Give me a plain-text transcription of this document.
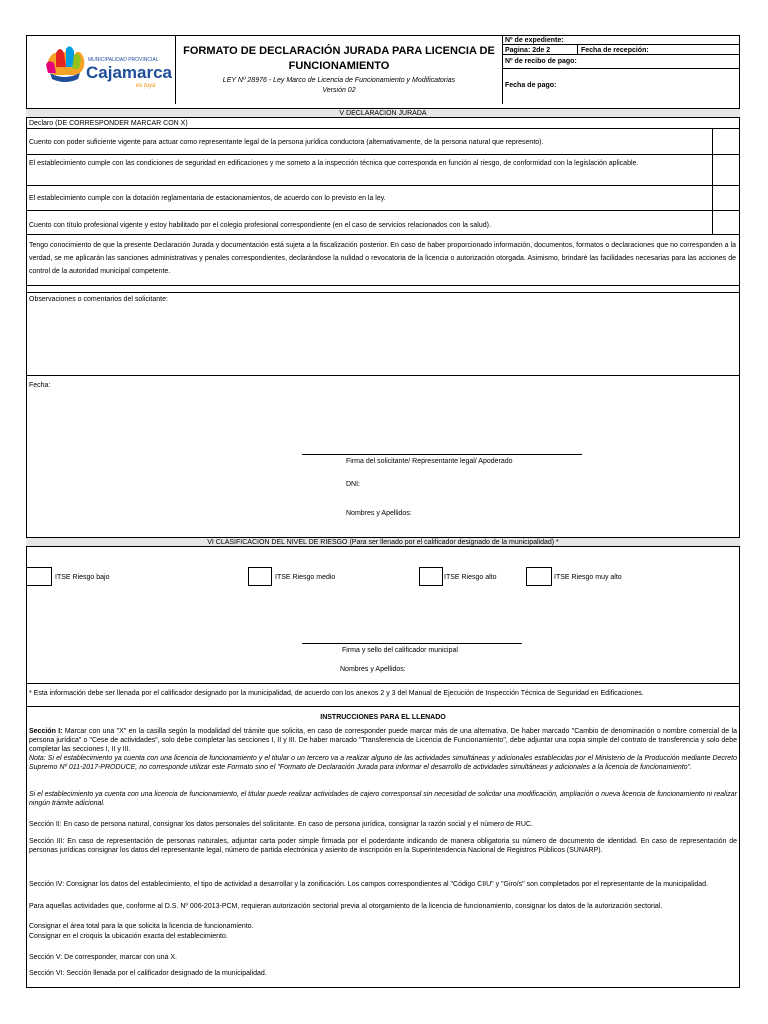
MUNICIPALIDAD PROVINCIAL
Cajamarca
es tuya
FORMATO DE DECLARACIÓN JURADA PARA LICENCIA DE
FUNCIONAMIENTO
LEY Nº 28976 - Ley Marco de Licencia de Funcionamiento y Modificatorias
Versión 02
Nº de expediente:
Pagina: 2de 2	Fecha de recepción:
Nº de recibo de pago:
Fecha de pago:
V DECLARACIÓN JURADA
Declaro (DE CORRESPONDER MARCAR CON X)
Cuento con poder suficiente vigente para actuar como representante legal de la persona jurídica conductora (alternativamente, de la persona natural que represento).
El establecimiento cumple con las condiciones de seguridad en edificaciones y me someto a la inspección técnica que corresponda en función al riesgo, de conformidad con la legislación aplicable.
El establecimiento cumple con la dotación reglamentaria de estacionamientos, de acuerdo con lo previsto en la ley.
Cuento con título profesional vigente y estoy habilitado por el colegio profesional correspondiente (en el caso de servicios relacionados con la salud).
Tengo conocimiento de que la presente Declaración Jurada y documentación está sujeta a la fiscalización posterior. En caso de haber proporcionado información, documentos, formatos o declaraciones que no corresponden a la verdad, se me aplicarán las sanciones administrativas y penales correspondientes, declarándose la nulidad o revocatoria de la licencia o autorización otorgada. Asimismo, brindaré las facilidades necesarias para las acciones de control de la autoridad municipal competente.
Observaciones o comentarios del solicitante:
Fecha:
Firma del solicitante/ Representante legal/ Apoderado
DNI:
Nombres y Apellidos:
VI CLASIFICACIÓN DEL NIVEL DE RIESGO (Para ser llenado por el calificador designado de la municipalidad) *
ITSE Riesgo bajo	ITSE Riesgo medio	ITSE Riesgo alto	ITSE Riesgo muy alto
Firma y sello del calificador municipal
Nombres y Apellidos:
* Esta información debe ser llenada por el calificador designado por la municipalidad, de acuerdo con los anexos 2 y 3 del Manual de Ejecución de Inspección Técnica de Seguridad en Edificaciones.
INSTRUCCIONES PARA EL LLENADO
Sección I: Marcar con una "X" en la casilla según la modalidad del trámite que solicita, en caso de corresponder puede marcar más de una alternativa. De haber marcado "Cambio de denominación o nombre comercial de la persona jurídica" o "Cese de actividades", solo debe completar las secciones I, II y III. De haber marcado "Transferencia de Licencia de Funcionamiento", debe adjuntar una copia simple del contrato de transferencia y solo debe completar las secciones I, II y III.
Nota: Si el establecimiento ya cuenta con una licencia de funcionamiento y el titular o un tercero va a realizar alguno de las actividades simultáneas y adicionales establecidas por el Ministerio de la Producción mediante Decreto Supremo Nº 011-2017-PRODUCE, no corresponde utilizar este Formato sino el "Formato de Declaración Jurada para informar el desarrollo de actividades simultáneas y adicionales a la licencia de funcionamiento".
Si el establecimiento ya cuenta con una licencia de funcionamiento, el titular puede realizar actividades de cajero corresponsal sin necesidad de solicitar una modificación, ampliación o nueva licencia de funcionamiento ni realizar ningún trámite adicional.
Sección II: En caso de persona natural, consignar los datos personales del solicitante. En caso de persona jurídica, consignar la razón social y el número de RUC.
Sección III: En caso de representación de personas naturales, adjuntar carta poder simple firmada por el poderdante indicando de manera obligatoria su número de documento de identidad. En caso de representación de personas jurídicas consignar los datos del representante legal, número de partida electrónica y asiento de inscripción en la Superintendencia Nacional de Registros Públicos (SUNARP).
Sección IV: Consignar los datos del establecimiento, el tipo de actividad a desarrollar y la zonificación. Los campos correspondientes al "Código CIIU" y "Giro/s" son completados por el representante de la municipalidad.
Para aquellas actividades que, conforme al D.S. Nº 006-2013-PCM, requieran autorización sectorial previa al otorgamiento de la licencia de funcionamiento, consignar los datos de la autorización sectorial.
Consignar el área total para la que solicita la licencia de funcionamiento.
Consignar en el croquis la ubicación exacta del establecimiento.
Sección V: De corresponder, marcar con una X.
Sección VI: Sección llenada por el calificador designado de la municipalidad.
